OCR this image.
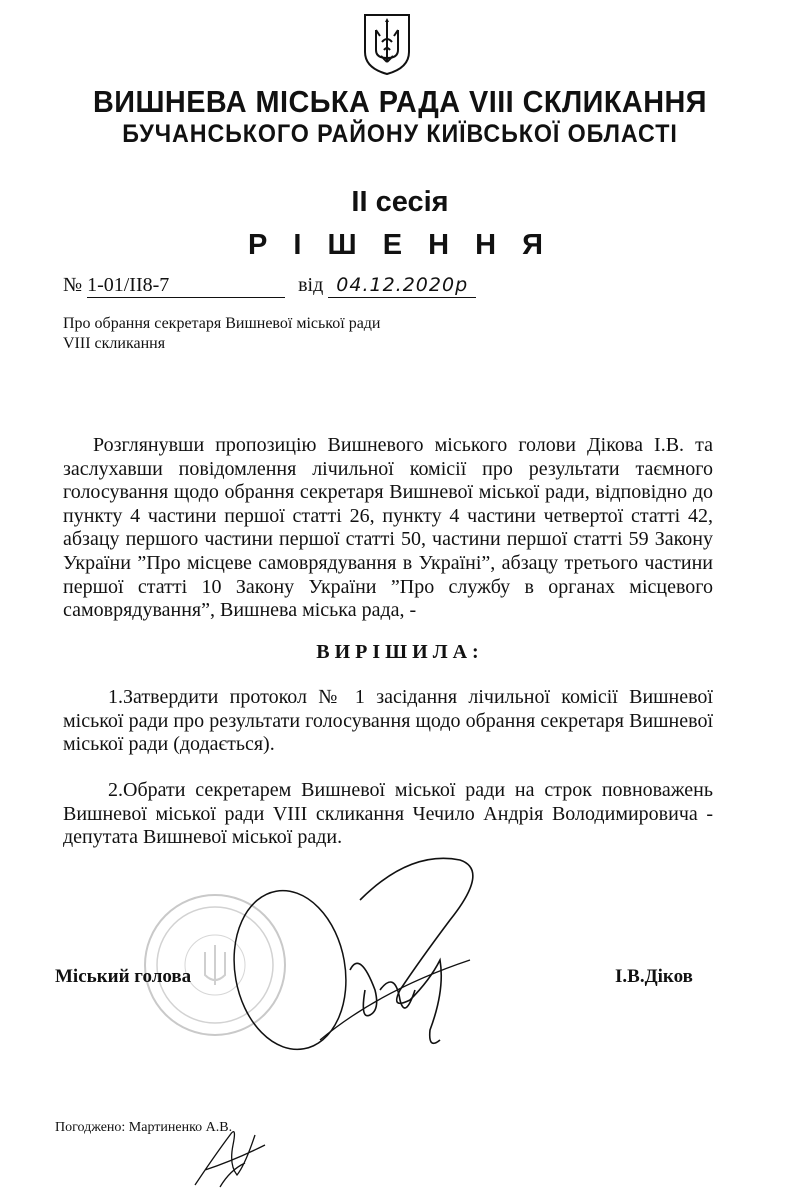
ВИШНЕВА МІСЬКА РАДА VIII СКЛИКАННЯ
БУЧАНСЬКОГО РАЙОНУ КИЇВСЬКОЇ ОБЛАСТІ
ІІ сесія
Р І Ш Е Н Н Я
№ 1-01/ІІ8-7	від 04.12.2020р
Про обрання секретаря Вишневої міської ради
VIII скликання
Розглянувши пропозицію Вишневого міського голови Дікова І.В. та заслухавши повідомлення лічильної комісії про результати таємного голосування щодо обрання секретаря Вишневої міської ради, відповідно до пункту 4 частини першої статті 26, пункту 4 частини четвертої статті 42, абзацу першого частини першої статті 50, частини першої статті 59 Закону України ”Про місцеве самоврядування в Україні”, абзацу третього частини першої статті 10 Закону України ”Про службу в органах місцевого самоврядування”, Вишнева міська рада, -
ВИРІШИЛА:
1.Затвердити протокол № 1 засідання лічильної комісії Вишневої міської ради про результати голосування щодо обрання секретаря Вишневої міської ради (додається).
2.Обрати секретарем Вишневої міської ради на строк повноважень Вишневої міської ради VIII скликання Чечило Андрія Володимировича - депутата Вишневої міської ради.
Міський голова	І.В.Діков
Погоджено: Мартиненко А.В.
